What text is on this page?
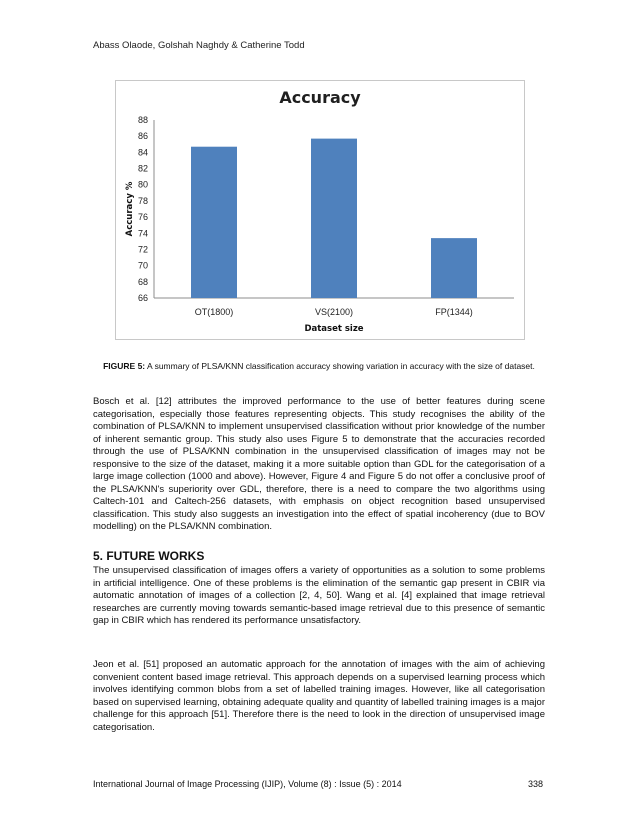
Abass Olaode, Golshah Naghdy & Catherine Todd
Accuracy
66
68
70
72
74
76
78
80
82
84
86
88
OT(1800)	VS(2100)	FP(1344)
Dataset size
Accuracy %
FIGURE 5: A summary of PLSA/KNN classification accuracy showing variation in accuracy with the size of dataset.

Bosch et al. [12] attributes the improved performance to the use of better features during scene categorisation, especially those features representing objects. This study recognises the ability of the combination of PLSA/KNN to implement unsupervised classification without prior knowledge of the number of inherent semantic group. This study also uses Figure 5 to demonstrate that the accuracies recorded through the use of PLSA/KNN combination in the unsupervised classification of images may not be responsive to the size of the dataset, making it a more suitable option than GDL for the categorisation of a large image collection (1000 and above). However, Figure 4 and Figure 5 do not offer a conclusive proof of the PLSA/KNN's superiority over GDL, therefore, there is a need to compare the two algorithms using Caltech-101 and Caltech-256 datasets, with emphasis on object recognition based unsupervised classification. This study also suggests an investigation into the effect of spatial incoherency (due to BOV modelling) on the PLSA/KNN combination.

5. FUTURE WORKS

The unsupervised classification of images offers a variety of opportunities as a solution to some problems in artificial intelligence. One of these problems is the elimination of the semantic gap present in CBIR via automatic annotation of images of a collection [2, 4, 50]. Wang et al. [4] explained that image retrieval researches are currently moving towards semantic-based image retrieval due to this presence of semantic gap in CBIR which has rendered its performance unsatisfactory.

Jeon et al. [51] proposed an automatic approach for the annotation of images with the aim of achieving convenient content based image retrieval. This approach depends on a supervised learning process which involves identifying common blobs from a set of labelled training images. However, like all categorisation based on supervised learning, obtaining adequate quality and quantity of labelled training images is a major challenge for this approach [51]. Therefore there is the need to look in the direction of unsupervised image categorisation.

International Journal of Image Processing (IJIP), Volume (8) : Issue (5) : 2014	338
